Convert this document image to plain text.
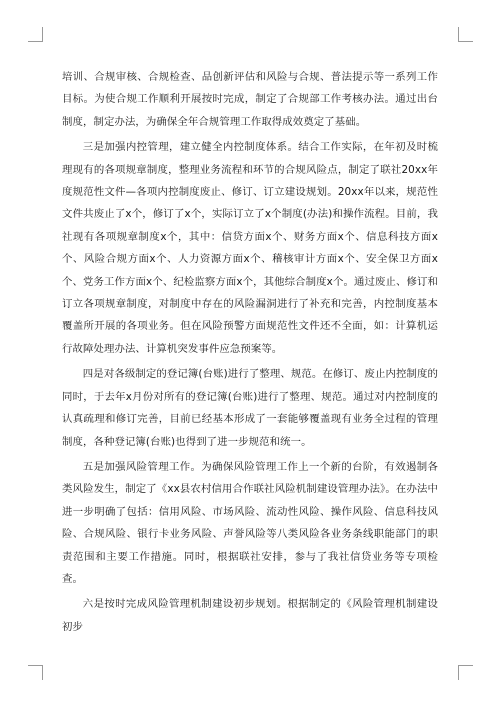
培训、合规审核、合规检查、品创新评估和风险与合规、普法提示等一系列工作目标。为使合规工作顺利开展按时完成，制定了合规部工作考核办法。通过出台制度，制定办法，为确保全年合规管理工作取得成效奠定了基础。

三是加强内控管理，建立健全内控制度体系。结合工作实际，在年初及时梳理现有的各项规章制度，整理业务流程和环节的合规风险点，制定了联社20xx年度规范性文件—各项内控制度废止、修订、订立建设规划。20xx年以来，规范性文件共废止了x个，修订了x个，实际订立了x个制度(办法)和操作流程。目前，我社现有各项规章制度x个，其中：信贷方面x个、财务方面x个、信息科技方面x个、风险合规方面x个、人力资源方面x个、稽核审计方面x个、安全保卫方面x个、党务工作方面x个、纪检监察方面x个，其他综合制度x个。通过废止、修订和订立各项规章制度，对制度中存在的风险漏洞进行了补充和完善，内控制度基本覆盖所开展的各项业务。但在风险预警方面规范性文件还不全面，如：计算机运行故障处理办法、计算机突发事件应急预案等。

四是对各级制定的登记簿(台账)进行了整理、规范。在修订、废止内控制度的同时，于去年x月份对所有的登记簿(台账)进行了整理、规范。通过对内控制度的认真疏理和修订完善，目前已经基本形成了一套能够覆盖现有业务全过程的管理制度，各种登记簿(台账)也得到了进一步规范和统一。

五是加强风险管理工作。为确保风险管理工作上一个新的台阶，有效遏制各类风险发生，制定了《xx县农村信用合作联社风险机制建设管理办法》。在办法中进一步明确了包括：信用风险、市场风险、流动性风险、操作风险、信息科技风险、合规风险、银行卡业务风险、声誉风险等八类风险各业务条线职能部门的职责范围和主要工作措施。同时，根据联社安排，参与了我社信贷业务等专项检查。

六是按时完成风险管理机制建设初步规划。根据制定的《风险管理机制建设初步
